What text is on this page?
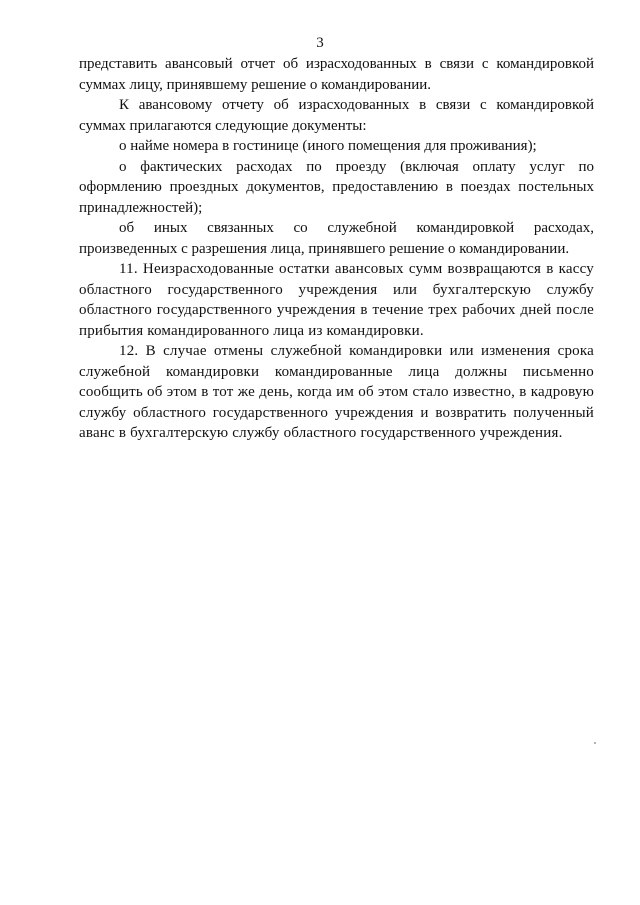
3

представить авансовый отчет об израсходованных в связи с командировкой суммах лицу, принявшему решение о командировании.

К авансовому отчету об израсходованных в связи с командировкой суммах прилагаются следующие документы:

о найме номера в гостинице (иного помещения для проживания);

о фактических расходах по проезду (включая оплату услуг по оформлению проездных документов, предоставлению в поездах постельных принадлежностей);

об иных связанных со служебной командировкой расходах, произведенных с разрешения лица, принявшего решение о командировании.

11. Неизрасходованные остатки авансовых сумм возвращаются в кассу областного государственного учреждения или бухгалтерскую службу областного государственного учреждения в течение трех рабочих дней после прибытия командированного лица из командировки.

12. В случае отмены служебной командировки или изменения срока служебной командировки командированные лица должны письменно сообщить об этом в тот же день, когда им об этом стало известно, в кадровую службу областного государственного учреждения и возвратить полученный аванс в бухгалтерскую службу областного государственного учреждения.
